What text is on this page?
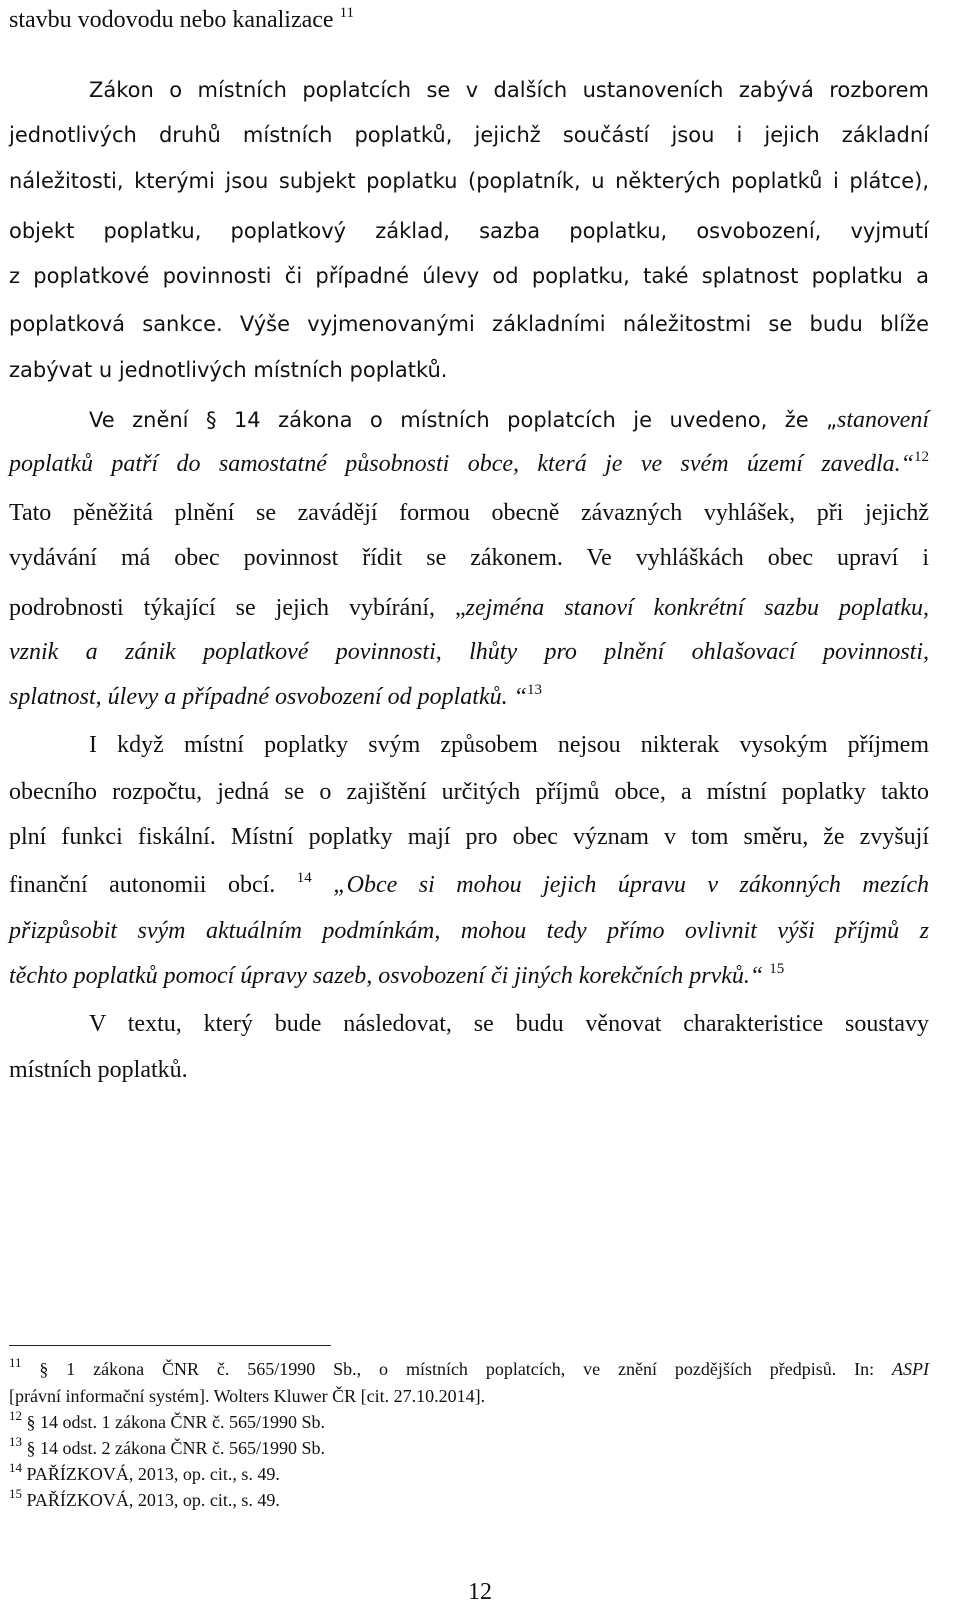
stavbu vodovodu nebo kanalizace $^{11}$
Zákon o místních poplatcích se v dalších ustanoveních zabývá rozborem
jednotlivých druhů místních poplatků, jejichž součástí jsou i jejich základní
náležitosti, kterými jsou subjekt poplatku (poplatník, u některých poplatků i plátce),
objekt poplatku, poplatkový základ, sazba poplatku, osvobození, vyjmutí
z poplatkové povinnosti či případné úlevy od poplatku, také splatnost poplatku a
poplatková sankce. Výše vyjmenovanými základními náležitostmi se budu blíže
zabývat u jednotlivých místních poplatků.
Ve znění § 14 zákona o místních poplatcích je uvedeno, že „stanovení
poplatků patří do samostatné působnosti obce, která je ve svém území zavedla.“$^{12}$
Tato pěněžitá plnění se zavádějí formou obecně závazných vyhlášek, při jejichž
vydávání má obec povinnost řídit se zákonem. Ve vyhláškách obec upraví i
podrobnosti týkající se jejich vybírání, „zejména stanoví konkrétní sazbu poplatku,
vznik a zánik poplatkové povinnosti, lhůty pro plnění ohlašovací povinnosti,
splatnost, úlevy a případné osvobození od poplatků. “$^{13}$
I když místní poplatky svým způsobem nejsou nikterak vysokým příjmem
obecního rozpočtu, jedná se o zajištění určitých příjmů obce, a místní poplatky takto
plní funkci fiskální. Místní poplatky mají pro obec význam v tom směru, že zvyšují
finanční autonomii obcí. $^{14}$ „Obce si mohou jejich úpravu v zákonných mezích
přizpůsobit svým aktuálním podmínkám, mohou tedy přímo ovlivnit výši příjmů z
těchto poplatků pomocí úpravy sazeb, osvobození či jiných korekčních prvků.“ $^{15}$
V textu, který bude následovat, se budu věnovat charakteristice soustavy
místních poplatků.
$^{11}$ § 1 zákona ČNR č. 565/1990 Sb., o místních poplatcích, ve znění pozdějších předpisů. In: ASPI
[právní informační systém]. Wolters Kluwer ČR [cit. 27.10.2014].
$^{12}$ § 14 odst. 1 zákona ČNR č. 565/1990 Sb.
$^{13}$ § 14 odst. 2 zákona ČNR č. 565/1990 Sb.
$^{14}$ PAŘÍZKOVÁ, 2013, op. cit., s. 49.
$^{15}$ PAŘÍZKOVÁ, 2013, op. cit., s. 49.
12
